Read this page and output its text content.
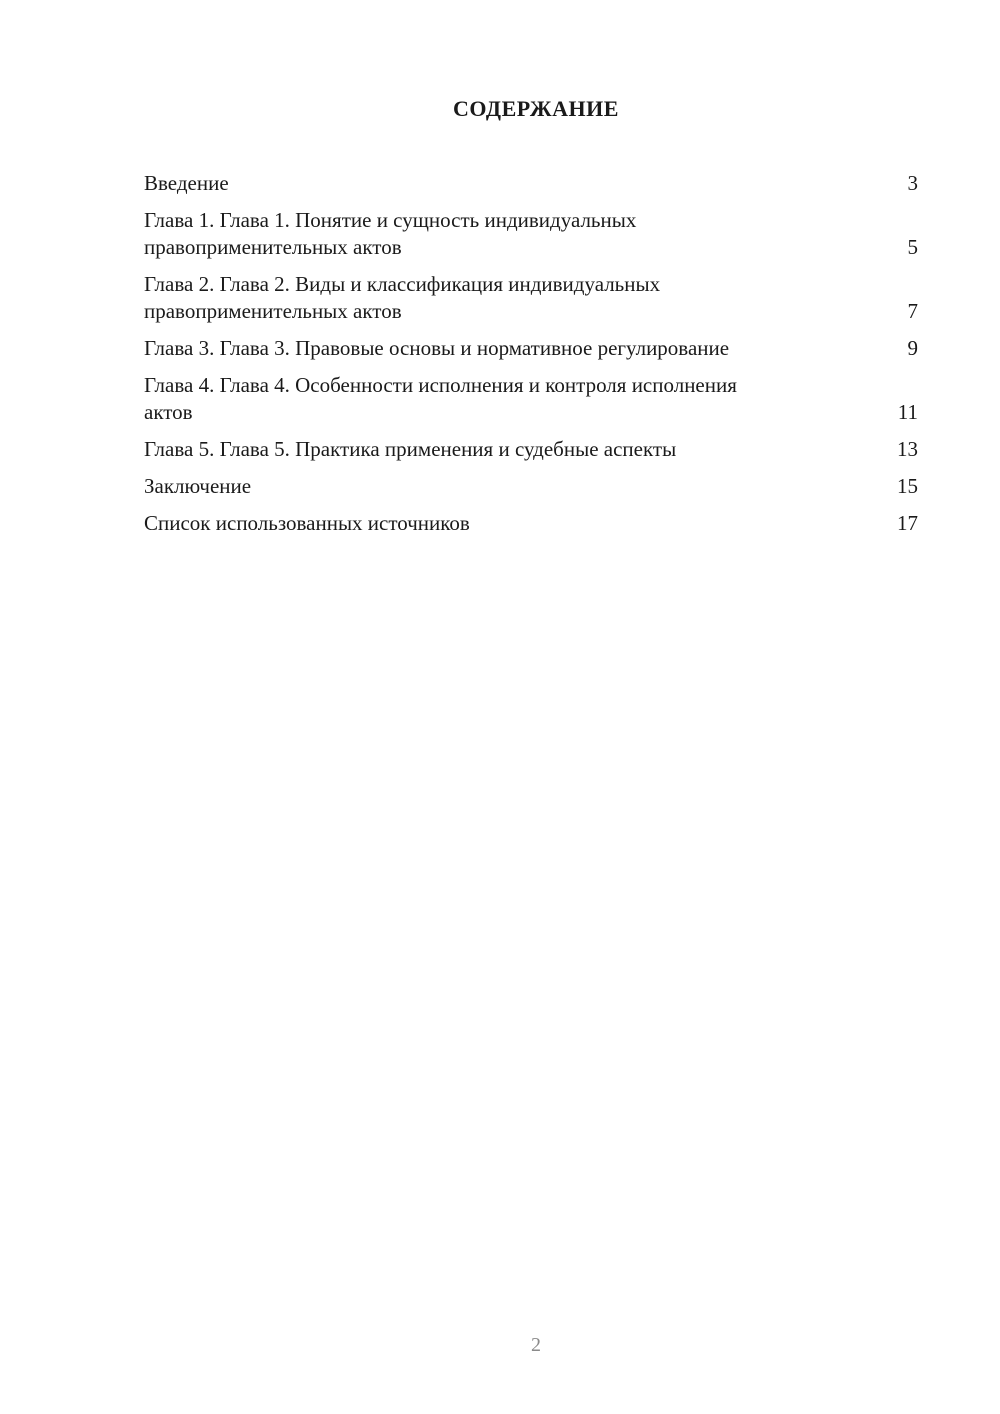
СОДЕРЖАНИЕ
Введение	3
Глава 1. Глава 1. Понятие и сущность индивидуальных правоприменительных актов	5
Глава 2. Глава 2. Виды и классификация индивидуальных правоприменительных актов	7
Глава 3. Глава 3. Правовые основы и нормативное регулирование	9
Глава 4. Глава 4. Особенности исполнения и контроля исполнения актов	11
Глава 5. Глава 5. Практика применения и судебные аспекты	13
Заключение	15
Список использованных источников	17
2
